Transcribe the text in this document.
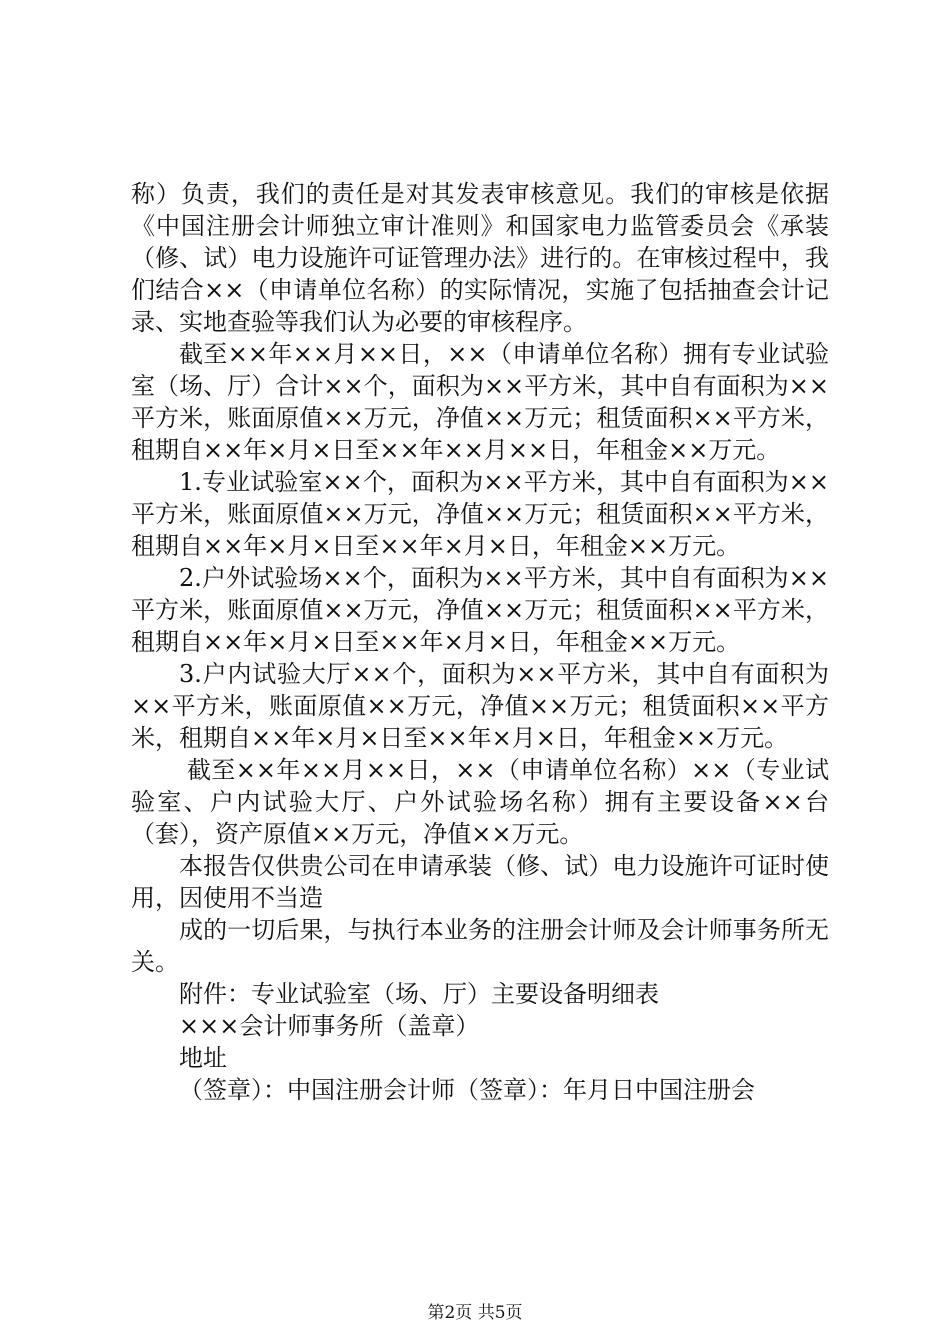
称）负责，我们的责任是对其发表审核意见。我们的审核是依据《中国注册会计师独立审计准则》和国家电力监管委员会《承装（修、试）电力设施许可证管理办法》进行的。在审核过程中，我们结合××（申请单位名称）的实际情况，实施了包括抽查会计记录、实地查验等我们认为必要的审核程序。

截至××年××月××日，××（申请单位名称）拥有专业试验室（场、厅）合计××个，面积为××平方米，其中自有面积为××平方米，账面原值××万元，净值××万元；租赁面积××平方米，租期自××年×月×日至××年××月××日，年租金××万元。

1.专业试验室××个，面积为××平方米，其中自有面积为××平方米，账面原值××万元，净值××万元；租赁面积××平方米，租期自××年×月×日至××年×月×日，年租金××万元。

2.户外试验场××个，面积为××平方米，其中自有面积为××平方米，账面原值××万元，净值××万元；租赁面积××平方米，租期自××年×月×日至××年×月×日，年租金××万元。

3.户内试验大厅××个，面积为××平方米，其中自有面积为××平方米，账面原值××万元，净值××万元；租赁面积××平方米，租期自××年×月×日至××年×月×日，年租金××万元。

截至××年××月××日，××（申请单位名称）××（专业试验室、户内试验大厅、户外试验场名称）拥有主要设备××台（套），资产原值××万元，净值××万元。

本报告仅供贵公司在申请承装（修、试）电力设施许可证时使用，因使用不当造

成的一切后果，与执行本业务的注册会计师及会计师事务所无关。

附件：专业试验室（场、厅）主要设备明细表

×××会计师事务所（盖章）

地址

（签章）：中国注册会计师（签章）：年月日中国注册会

第2页 共5页
